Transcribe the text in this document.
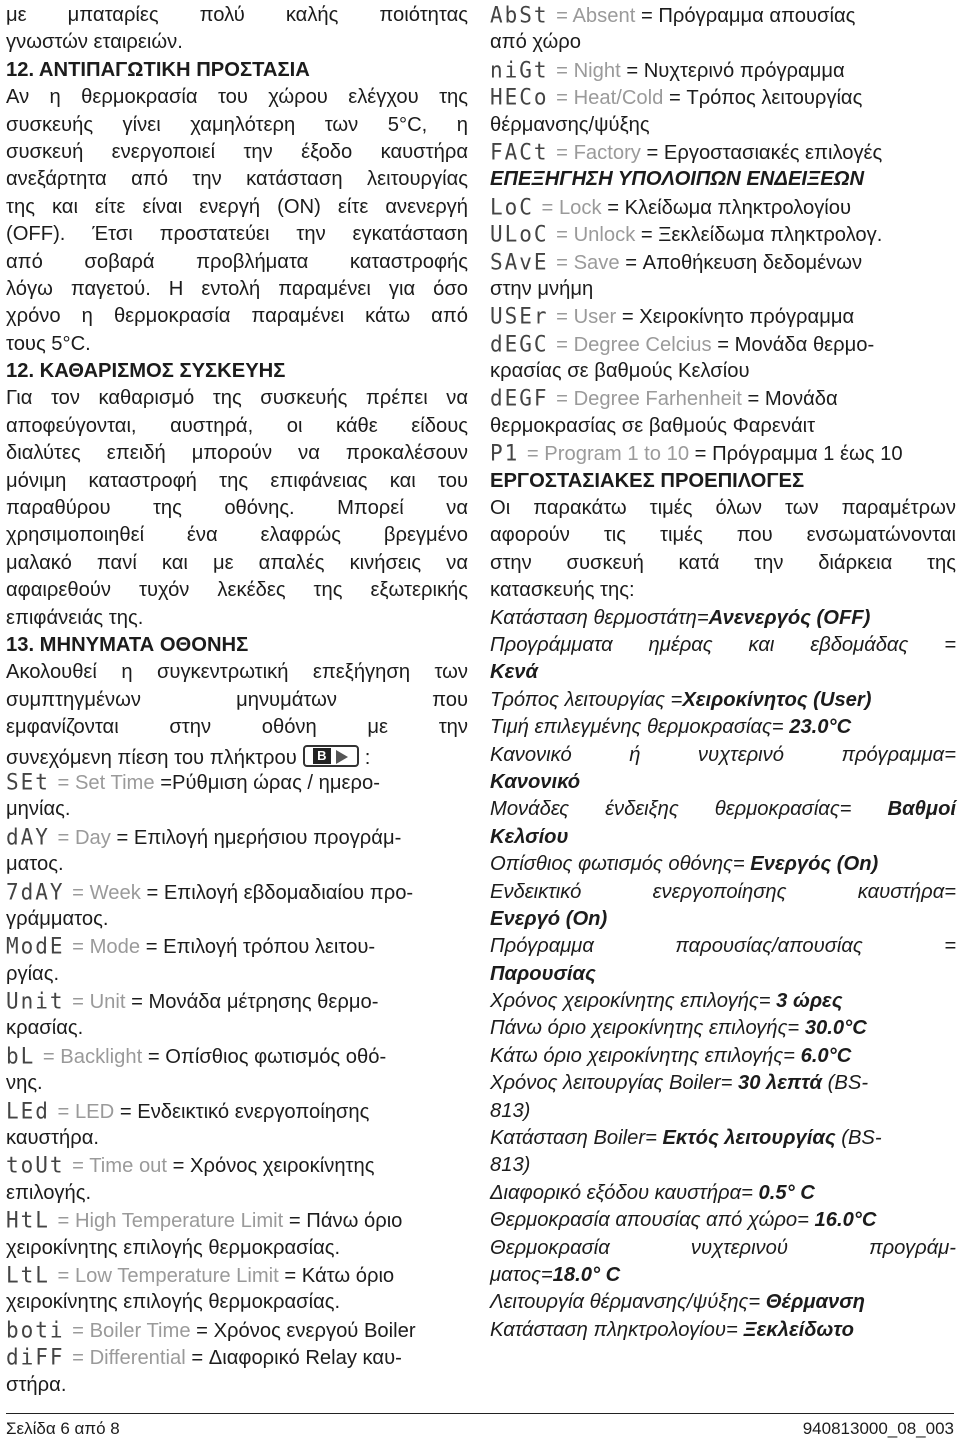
με μπαταρίες πολύ καλής ποιότητας
γνωστών εταιρειών.
12. ΑΝΤΙΠΑΓΩΤΙΚΗ ΠΡΟΣΤΑΣΙΑ
Αν η θερμοκρασία του χώρου ελέγχου της
συσκευής γίνει χαμηλότερη των 5°C, η
συσκευή ενεργοποιεί την έξοδο καυστήρα
ανεξάρτητα από την κατάσταση λειτουργίας
της και είτε είναι ενεργή (ON) είτε ανενεργή
(OFF). Έτσι προστατεύει την εγκατάσταση
από σοβαρά προβλήματα καταστροφής
λόγω παγετού. Η εντολή παραμένει για όσο
χρόνο η θερμοκρασία παραμένει κάτω από
τους 5°C.
12. ΚΑΘΑΡΙΣΜΟΣ ΣΥΣΚΕΥΗΣ
Για τον καθαρισμό της συσκευής πρέπει να
αποφεύγονται, αυστηρά, οι κάθε είδους
διαλύτες επειδή μπορούν να προκαλέσουν
μόνιμη καταστροφή της επιφάνειας και του
παραθύρου της οθόνης. Μπορεί να
χρησιμοποιηθεί ένα ελαφρώς βρεγμένο
μαλακό πανί και με απαλές κινήσεις να
αφαιρεθούν τυχόν λεκέδες της εξωτερικής
επιφάνειάς της.
13. ΜΗΝΥΜΑΤΑ ΟΘΟΝΗΣ
Ακολουθεί η συγκεντρωτική επεξήγηση των
συμπτηγμένων μηνυμάτων που
εμφανίζονται στην οθόνη με την
συνεχόμενη πίεση του πλήκτρου	B :
SEt = Set Time =Ρύθμιση ώρας / ημερο-
μηνίας.
dAY = Day = Επιλογή ημερήσιου προγράμ-
ματος.
7dAY = Week = Επιλογή εβδομαδιαίου προ-
γράμματος.
ModE = Mode = Επιλογή τρόπου λειτου-
ργίας.
Unit = Unit = Μονάδα μέτρησης θερμο-
κρασίας.
bL = Backlight = Οπίσθιος φωτισμός οθό-
νης.
LEd = LED = Ενδεικτικό ενεργοποίησης
καυστήρα.
toUt = Time out = Χρόνος χειροκίνητης
επιλογής.
HtL = High Temperature Limit = Πάνω όριο
χειροκίνητης επιλογής θερμοκρασίας.
LtL = Low Temperature Limit = Κάτω όριο
χειροκίνητης επιλογής θερμοκρασίας.
boti = Boiler Time = Χρόνος ενεργού Boiler
diFF = Differential = Διαφορικό Relay καυ-
στήρα.
AbSt = Absent = Πρόγραμμα απουσίας
από χώρο
niGt = Night = Νυχτερινό πρόγραμμα
HECo = Heat/Cold = Τρόπος λειτουργίας
θέρμανσης/ψύξης
FACt = Factory = Εργοστασιακές επιλογές
ΕΠΕΞΗΓΗΣΗ ΥΠΟΛΟΙΠΩΝ ΕΝΔΕΙΞΕΩΝ
LoC = Lock = Κλείδωμα πληκτρολογίου
ULoC = Unlock = Ξεκλείδωμα πληκτρολογ.
SAvE = Save = Αποθήκευση δεδομένων
στην μνήμη
USEr = User = Χειροκίνητο πρόγραμμα
dEGC = Degree Celcius = Μονάδα θερμο-
κρασίας σε βαθμούς Κελσίου
dEGF = Degree Farhenheit = Μονάδα
θερμοκρασίας σε βαθμούς Φαρενάιτ
P1 = Program 1 to 10 = Πρόγραμμα 1 έως 10
ΕΡΓΟΣΤΑΣΙΑΚΕΣ ΠΡΟΕΠΙΛΟΓΕΣ
Οι παρακάτω τιμές όλων των παραμέτρων
αφορούν τις τιμές που ενσωματώνονται
στην συσκευή κατά την διάρκεια της
κατασκευής της:
Κατάσταση θερμοστάτη=Ανενεργός (OFF)
Προγράμματα ημέρας και εβδομάδας =
Κενά
Τρόπος λειτουργίας =Χειροκίνητος (User)
Τιμή επιλεγμένης θερμοκρασίας= 23.0°C
Κανονικό ή νυχτερινό πρόγραμμα=
Κανονικό
Μονάδες ένδειξης θερμοκρασίας= Βαθμοί
Κελσίου
Οπίσθιος φωτισμός οθόνης= Ενεργός (On)
Ενδεικτικό ενεργοποίησης καυστήρα=
Ενεργό (On)
Πρόγραμμα παρουσίας/απουσίας =
Παρουσίας
Χρόνος χειροκίνητης επιλογής= 3 ώρες
Πάνω όριο χειροκίνητης επιλογής= 30.0°C
Κάτω όριο χειροκίνητης επιλογής= 6.0°C
Χρόνος λειτουργίας Boiler= 30 λεπτά (BS-
813)
Κατάσταση Boiler= Εκτός λειτουργίας (BS-
813)
Διαφορικό εξόδου καυστήρα= 0.5° C
Θερμοκρασία απουσίας από χώρο= 16.0°C
Θερμοκρασία νυχτερινού προγράμ-
ματος=18.0° C
Λειτουργία θέρμανσης/ψύξης= Θέρμανση
Κατάσταση πληκτρολογίου= Ξεκλείδωτο
Σελίδα 6 από 8	940813000_08_003
